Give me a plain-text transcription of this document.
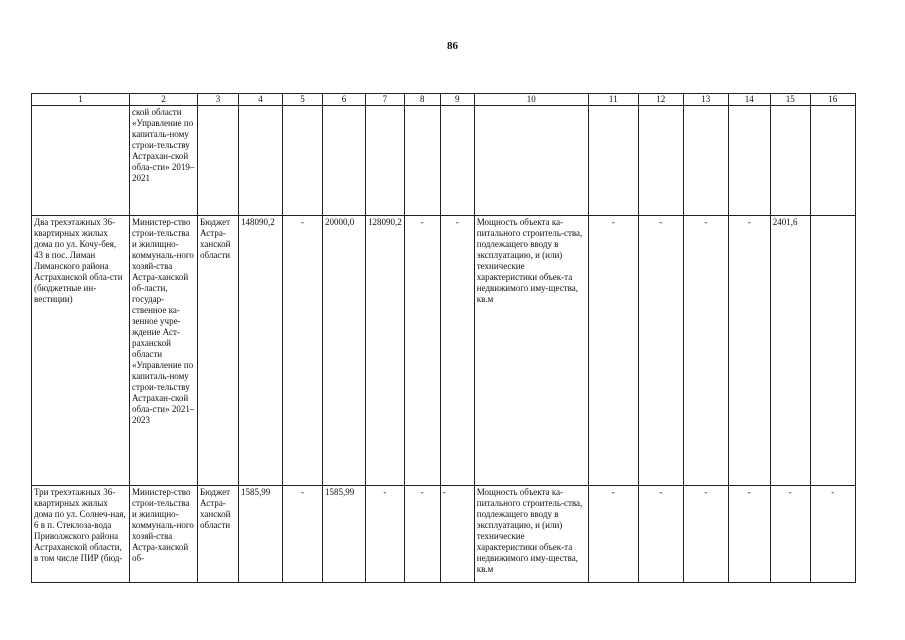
86
1	2	3	4	5	6	7	8	9	10	11	12	13	14	15	16
	ской области «Управление по капиталь-ному строи-тельству Астрахан-ской обла-сти» 2019–2021														
Два трехэтажных 36-квартирных жилых дома по ул. Кочу-бея, 43 в пос. Лиман Лиманского района Астраханской обла-сти (бюджетные ин-вестиции)	Министер-ство строи-тельства и жилищно-коммуналь-ного хозяй-ства Астра-ханской об-ласти, государ-ственное ка-зенное учре-ждение Аст-раханской области «Управление по капиталь-ному строи-тельству Астрахан-ской обла-сти» 2021–2023	Бюджет Астра-ханской области	148090,2	-	20000,0	128090,2	-	-	Мощность объекта ка-питального строитель-ства, подлежащего вводу в эксплуатацию, и (или) технические характеристики объек-та недвижимого иму-щества, кв.м	-	-	-	-	2401,6	
Три трехэтажных 36-квартирных жилых дома по ул. Солнеч-ная, 6 в п. Стеклоза-вода Приволжского района Астраханской области, в том числе ПИР (бюд-	Министер-ство строи-тельства и жилищно-коммуналь-ного хозяй-ства Астра-ханской об-	Бюджет Астра-ханской области	1585,99	-	1585,99	-	-	-	Мощность объекта ка-питального строитель-ства, подлежащего вводу в эксплуатацию, и (или) технические характеристики объек-та недвижимого иму-щества, кв.м	-	-	-	-	-	-
